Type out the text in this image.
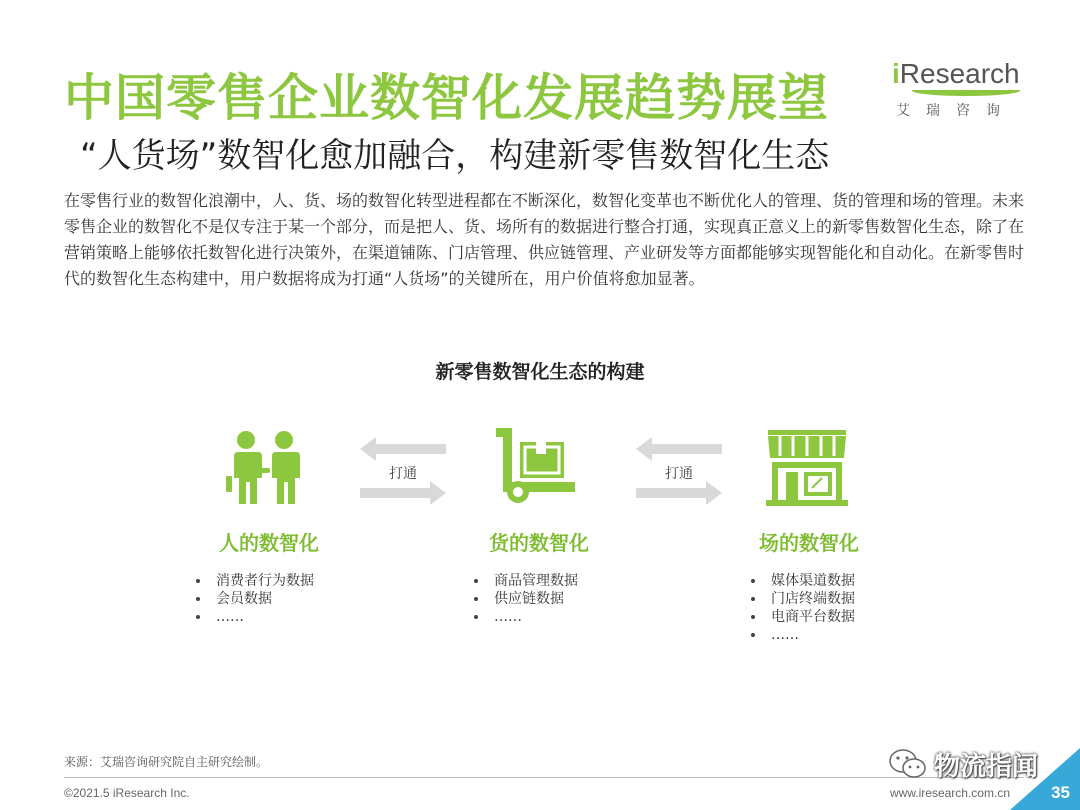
中国零售企业数智化发展趋势展望
“人货场”数智化愈加融合，构建新零售数智化生态
iResearch
艾瑞咨询

在零售行业的数智化浪潮中，人、货、场的数智化转型进程都在不断深化，数智化变革也不断优化人的管理、货的管理和场的管理。未来零售企业的数智化不是仅专注于某一个部分，而是把人、货、场所有的数据进行整合打通，实现真正意义上的新零售数智化生态，除了在营销策略上能够依托数智化进行决策外，在渠道铺陈、门店管理、供应链管理、产业研发等方面都能够实现智能化和自动化。在新零售时代的数智化生态构建中，用户数据将成为打通“人货场”的关键所在，用户价值将愈加显著。

新零售数智化生态的构建
打通	打通
人的数智化	货的数智化	场的数智化
消费者行为数据
会员数据
……
商品管理数据
供应链数据
……
媒体渠道数据
门店终端数据
电商平台数据
……
来源：艾瑞咨询研究院自主研究绘制。
©2021.5 iResearch Inc.	www.iresearch.com.cn
物流指闻
35
